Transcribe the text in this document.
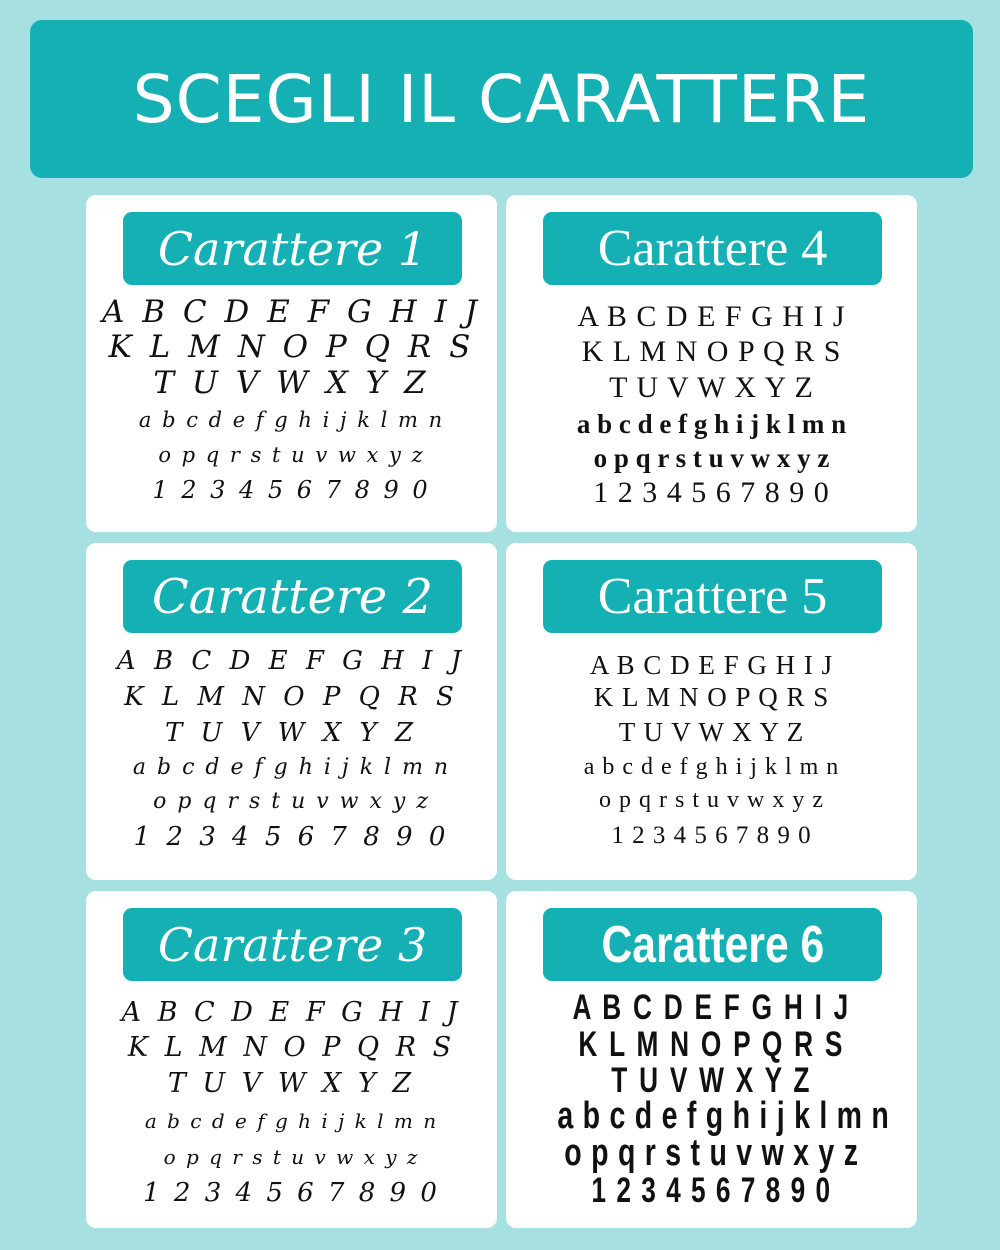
SCEGLI IL CARATTERE
Carattere 1
A B C D E F G H I J
K L M N O P Q R S
T U V W X Y Z
a b c d e f g h i j k l m n
o p q r s t u v w x y z
1 2 3 4 5 6 7 8 9 0
Carattere 4
A B C D E F G H I J
K L M N O P Q R S
T U V W X Y Z
a b c d e f g h i j k l m n
o p q r s t u v w x y z
1 2 3 4 5 6 7 8 9 0
Carattere 2
A B C D E F G H I J
K L M N O P Q R S
T U V W X Y Z
a b c d e f g h i j k l m n
o p q r s t u v w x y z
1 2 3 4 5 6 7 8 9 0
Carattere 5
A B C D E F G H I J
K L M N O P Q R S
T U V W X Y Z
a b c d e f g h i j k l m n
o p q r s t u v w x y z
1 2 3 4 5 6 7 8 9 0
Carattere 3
A B C D E F G H I J
K L M N O P Q R S
T U V W X Y Z
a b c d e f g h i j k l m n
o p q r s t u v w x y z
1 2 3 4 5 6 7 8 9 0
Carattere 6
A B C D E F G H I J
K L M N O P Q R S
T U V W X Y Z
a b c d e f g h i j k l m n
o p q r s t u v w x y z
1 2 3 4 5 6 7 8 9 0
